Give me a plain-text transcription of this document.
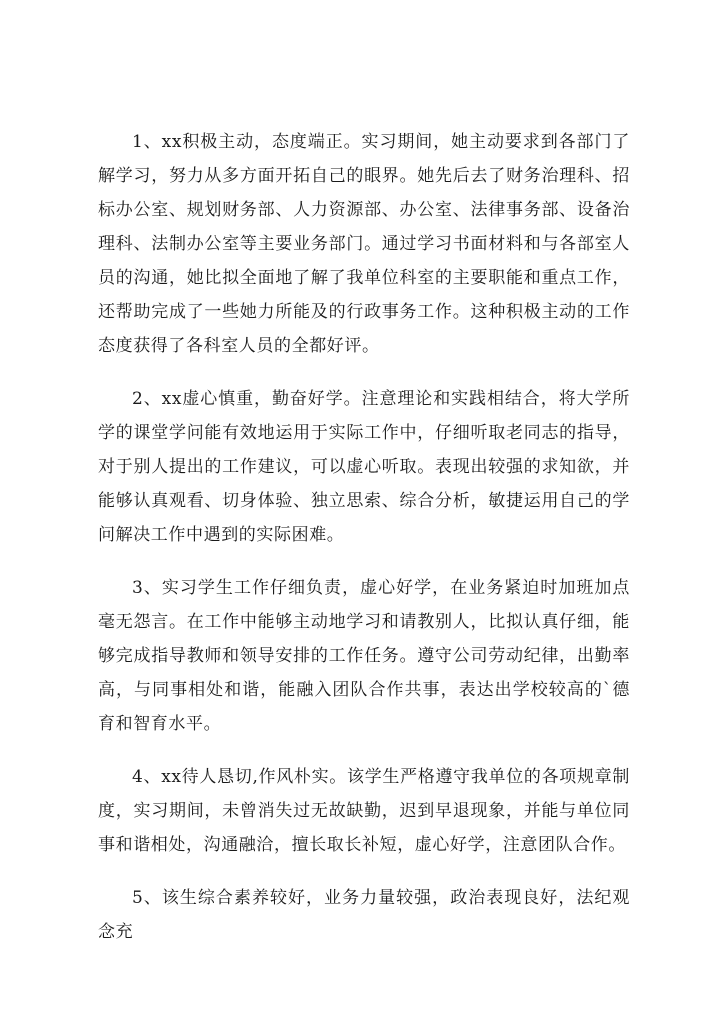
1、xx积极主动，态度端正。实习期间，她主动要求到各部门了解学习，努力从多方面开拓自己的眼界。她先后去了财务治理科、招标办公室、规划财务部、人力资源部、办公室、法律事务部、设备治理科、法制办公室等主要业务部门。通过学习书面材料和与各部室人员的沟通，她比拟全面地了解了我单位科室的主要职能和重点工作，还帮助完成了一些她力所能及的行政事务工作。这种积极主动的工作态度获得了各科室人员的全都好评。

2、xx虚心慎重，勤奋好学。注意理论和实践相结合，将大学所学的课堂学问能有效地运用于实际工作中，仔细听取老同志的指导，对于别人提出的工作建议，可以虚心听取。表现出较强的求知欲，并能够认真观看、切身体验、独立思索、综合分析，敏捷运用自己的学问解决工作中遇到的实际困难。

3、实习学生工作仔细负责，虚心好学，在业务紧迫时加班加点毫无怨言。在工作中能够主动地学习和请教别人，比拟认真仔细，能够完成指导教师和领导安排的工作任务。遵守公司劳动纪律，出勤率高，与同事相处和谐，能融入团队合作共事，表达出学校较高的`德育和智育水平。

4、xx待人恳切,作风朴实。该学生严格遵守我单位的各项规章制度，实习期间，未曾消失过无故缺勤，迟到早退现象，并能与单位同事和谐相处，沟通融洽，擅长取长补短，虚心好学，注意团队合作。

5、该生综合素养较好，业务力量较强，政治表现良好，法纪观念充
